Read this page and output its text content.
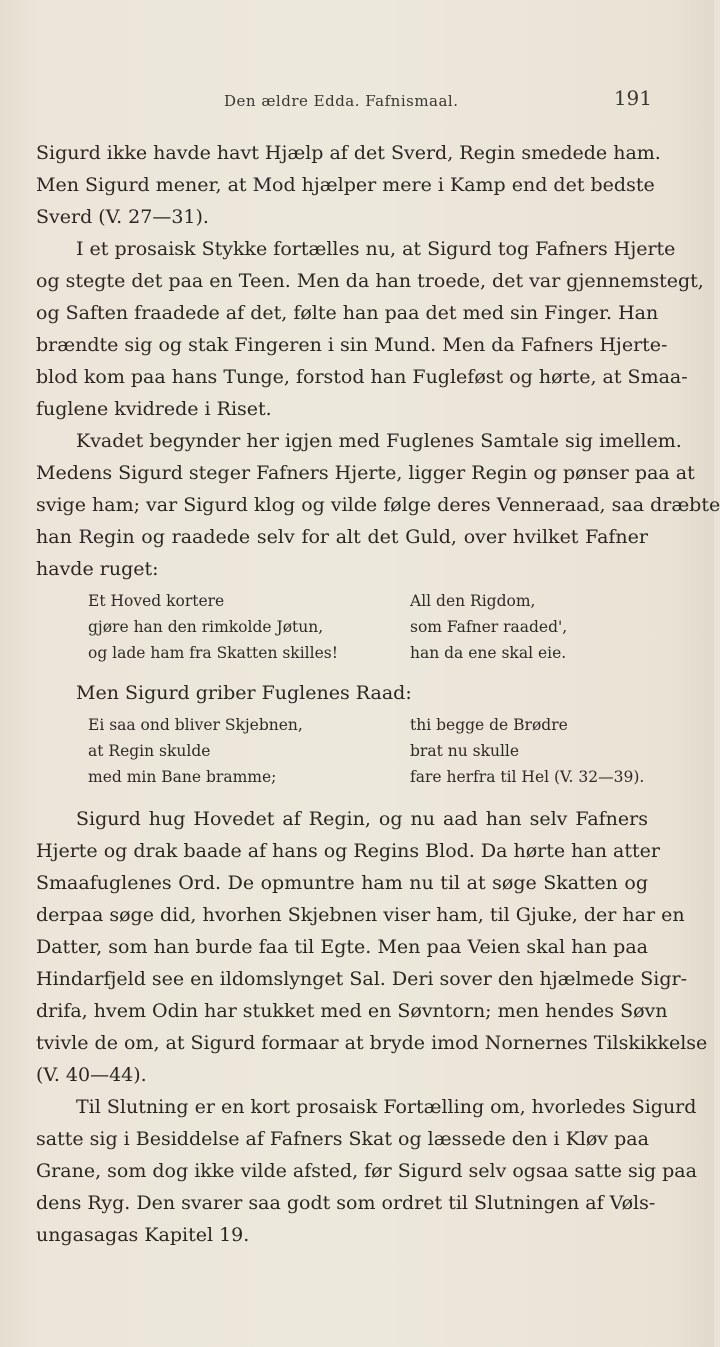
Den ældre Edda. Fafnismaal.	191
Sigurd ikke havde havt Hjælp af det Sverd, Regin smedede ham.
Men Sigurd mener, at Mod hjælper mere i Kamp end det bedste
Sverd (V. 27—31).
I et prosaisk Stykke fortælles nu, at Sigurd tog Fafners Hjerte
og stegte det paa en Teen. Men da han troede, det var gjennemstegt,
og Saften fraadede af det, følte han paa det med sin Finger. Han
brændte sig og stak Fingeren i sin Mund. Men da Fafners Hjerte-
blod kom paa hans Tunge, forstod han Fugleføst og hørte, at Smaa-
fuglene kvidrede i Riset.
Kvadet begynder her igjen med Fuglenes Samtale sig imellem.
Medens Sigurd steger Fafners Hjerte, ligger Regin og pønser paa at
svige ham; var Sigurd klog og vilde følge deres Venneraad, saa dræbte
han Regin og raadede selv for alt det Guld, over hvilket Fafner
havde ruget:
Et Hoved kortere
gjøre han den rimkolde Jøtun,
og lade ham fra Skatten skilles!
All den Rigdom,
som Fafner raaded',
han da ene skal eie.
Men Sigurd griber Fuglenes Raad:
Ei saa ond bliver Skjebnen,
at Regin skulde
med min Bane bramme;
thi begge de Brødre
brat nu skulle
fare herfra til Hel (V. 32—39).
Sigurd hug Hovedet af Regin, og nu aad han selv Fafners
Hjerte og drak baade af hans og Regins Blod. Da hørte han atter
Smaafuglenes Ord. De opmuntre ham nu til at søge Skatten og
derpaa søge did, hvorhen Skjebnen viser ham, til Gjuke, der har en
Datter, som han burde faa til Egte. Men paa Veien skal han paa
Hindarfjeld see en ildomslynget Sal. Deri sover den hjælmede Sigr-
drifa, hvem Odin har stukket med en Søvntorn; men hendes Søvn
tvivle de om, at Sigurd formaar at bryde imod Nornernes Tilskikkelse
(V. 40—44).
Til Slutning er en kort prosaisk Fortælling om, hvorledes Sigurd
satte sig i Besiddelse af Fafners Skat og læssede den i Kløv paa
Grane, som dog ikke vilde afsted, før Sigurd selv ogsaa satte sig paa
dens Ryg. Den svarer saa godt som ordret til Slutningen af Vøls-
ungasagas Kapitel 19.
